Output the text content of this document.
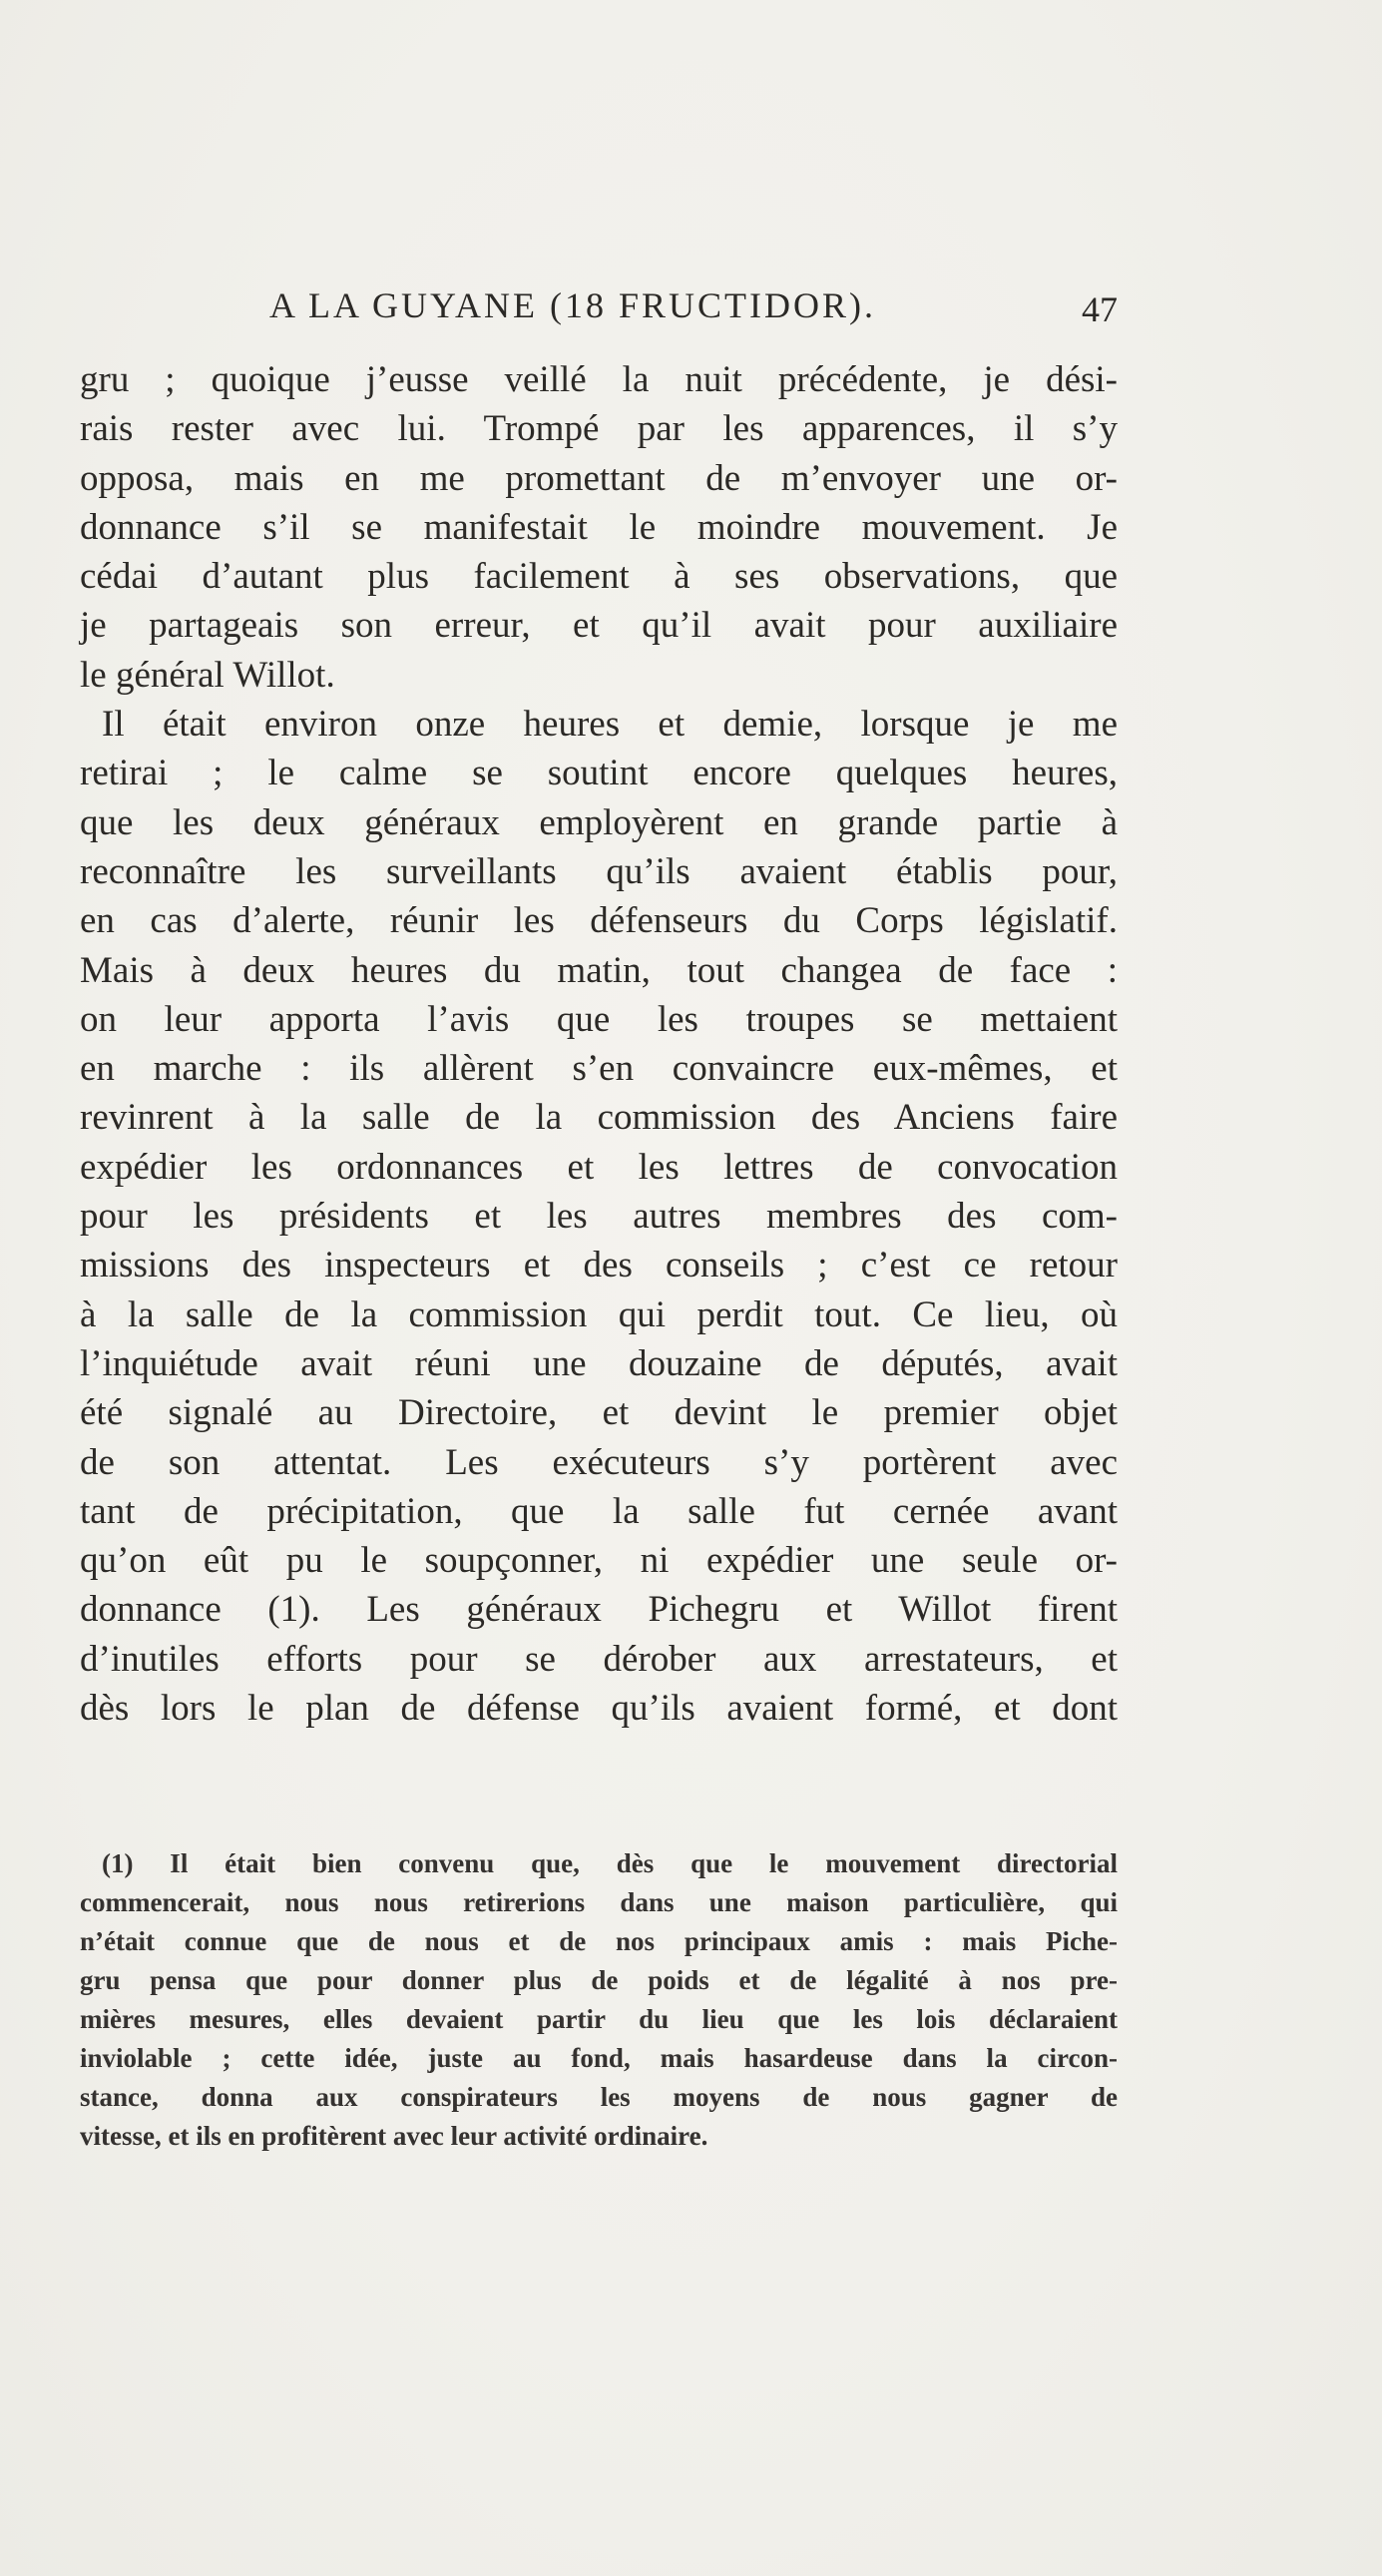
A LA GUYANE (18 FRUCTIDOR).	47
gru ; quoique j’eusse veillé la nuit précédente, je dési-
rais rester avec lui. Trompé par les apparences, il s’y
opposa, mais en me promettant de m’envoyer une or-
donnance s’il se manifestait le moindre mouvement. Je
cédai d’autant plus facilement à ses observations, que
je partageais son erreur, et qu’il avait pour auxiliaire
le général Willot.
Il était environ onze heures et demie, lorsque je me
retirai ; le calme se soutint encore quelques heures,
que les deux généraux employèrent en grande partie à
reconnaître les surveillants qu’ils avaient établis pour,
en cas d’alerte, réunir les défenseurs du Corps législatif.
Mais à deux heures du matin, tout changea de face :
on leur apporta l’avis que les troupes se mettaient
en marche : ils allèrent s’en convaincre eux-mêmes, et
revinrent à la salle de la commission des Anciens faire
expédier les ordonnances et les lettres de convocation
pour les présidents et les autres membres des com-
missions des inspecteurs et des conseils ; c’est ce retour
à la salle de la commission qui perdit tout. Ce lieu, où
l’inquiétude avait réuni une douzaine de députés, avait
été signalé au Directoire, et devint le premier objet
de son attentat. Les exécuteurs s’y portèrent avec
tant de précipitation, que la salle fut cernée avant
qu’on eût pu le soupçonner, ni expédier une seule or-
donnance (1). Les généraux Pichegru et Willot firent
d’inutiles efforts pour se dérober aux arrestateurs, et
dès lors le plan de défense qu’ils avaient formé, et dont
(1) Il était bien convenu que, dès que le mouvement directorial
commencerait, nous nous retirerions dans une maison particulière, qui
n’était connue que de nous et de nos principaux amis : mais Piche-
gru pensa que pour donner plus de poids et de légalité à nos pre-
mières mesures, elles devaient partir du lieu que les lois déclaraient
inviolable ; cette idée, juste au fond, mais hasardeuse dans la circon-
stance, donna aux conspirateurs les moyens de nous gagner de
vitesse, et ils en profitèrent avec leur activité ordinaire.
